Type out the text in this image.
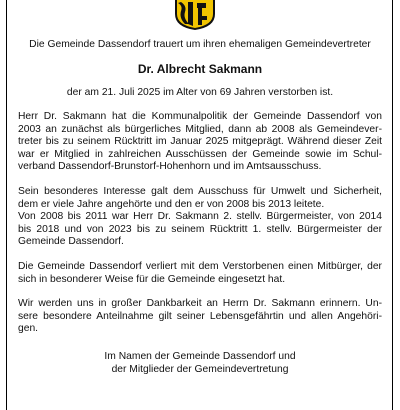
Die Gemeinde Dassendorf trauert um ihren ehemaligen Gemeindevertreter

Dr. Albrecht Sakmann

der am 21. Juli 2025 im Alter von 69 Jahren verstorben ist.

Herr Dr. Sakmann hat die Kommunalpolitik der Gemeinde Dassendorf von
2003 an zunächst als bürgerliches Mitglied, dann ab 2008 als Gemeindever-
treter bis zu seinem Rücktritt im Januar 2025 mitgeprägt. Während dieser Zeit
war er Mitglied in zahlreichen Ausschüssen der Gemeinde sowie im Schul-
verband Dassendorf-Brunstorf-Hohenhorn und im Amtsausschuss.

Sein besonderes Interesse galt dem Ausschuss für Umwelt und Sicherheit,
dem er viele Jahre angehörte und den er von 2008 bis 2013 leitete.
Von 2008 bis 2011 war Herr Dr. Sakmann 2. stellv. Bürgermeister, von 2014
bis 2018 und von 2023 bis zu seinem Rücktritt 1. stellv. Bürgermeister der
Gemeinde Dassendorf.

Die Gemeinde Dassendorf verliert mit dem Verstorbenen einen Mitbürger, der
sich in besonderer Weise für die Gemeinde eingesetzt hat.

Wir werden uns in großer Dankbarkeit an Herrn Dr. Sakmann erinnern. Un-
sere besondere Anteilnahme gilt seiner Lebensgefährtin und allen Angehöri-
gen.

Im Namen der Gemeinde Dassendorf und
der Mitglieder der Gemeindevertretung
